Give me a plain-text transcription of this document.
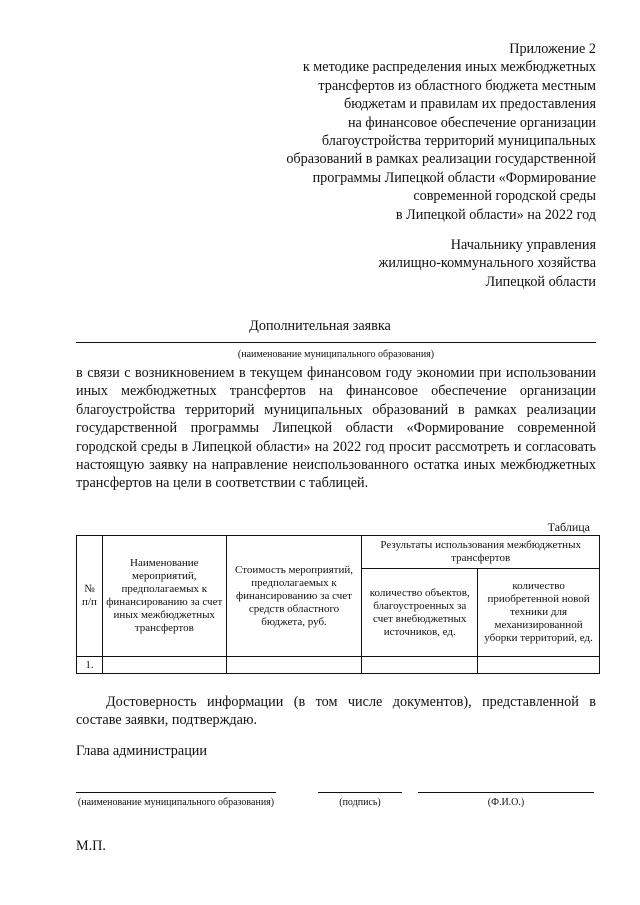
Приложение 2
к методике распределения иных межбюджетных
трансфертов из областного бюджета местным
бюджетам и правилам их предоставления
на финансовое обеспечение организации
благоустройства территорий муниципальных
образований в рамках реализации государственной
программы Липецкой области «Формирование
современной городской среды
в Липецкой области» на 2022 год
Начальнику управления
жилищно-коммунального хозяйства
Липецкой области
Дополнительная заявка
(наименование муниципального образования)
в связи с возникновением в текущем финансовом году экономии при использовании иных межбюджетных трансфертов на финансовое обеспечение организации благоустройства территорий муниципальных образований в рамках реализации государственной программы Липецкой области «Формирование современной городской среды в Липецкой области» на 2022 год просит рассмотреть и согласовать настоящую заявку на направление неиспользованного остатка иных межбюджетных трансфертов на цели в соответствии с таблицей.
Таблица
№ п/п	Наименование мероприятий, предполагаемых к финансированию за счет иных межбюджетных трансфертов	Стоимость мероприятий, предполагаемых к финансированию за счет средств областного бюджета, руб.	Результаты использования межбюджетных трансфертов	
			количество объектов, благоустроенных за счет внебюджетных источников, ед.	количество приобретенной новой техники для механизированной уборки территорий, ед.
1.				
Достоверность информации (в том числе документов), представленной в составе заявки, подтверждаю.
Глава администрации
(наименование муниципального образования)	(подпись)	(Ф.И.О.)
М.П.
